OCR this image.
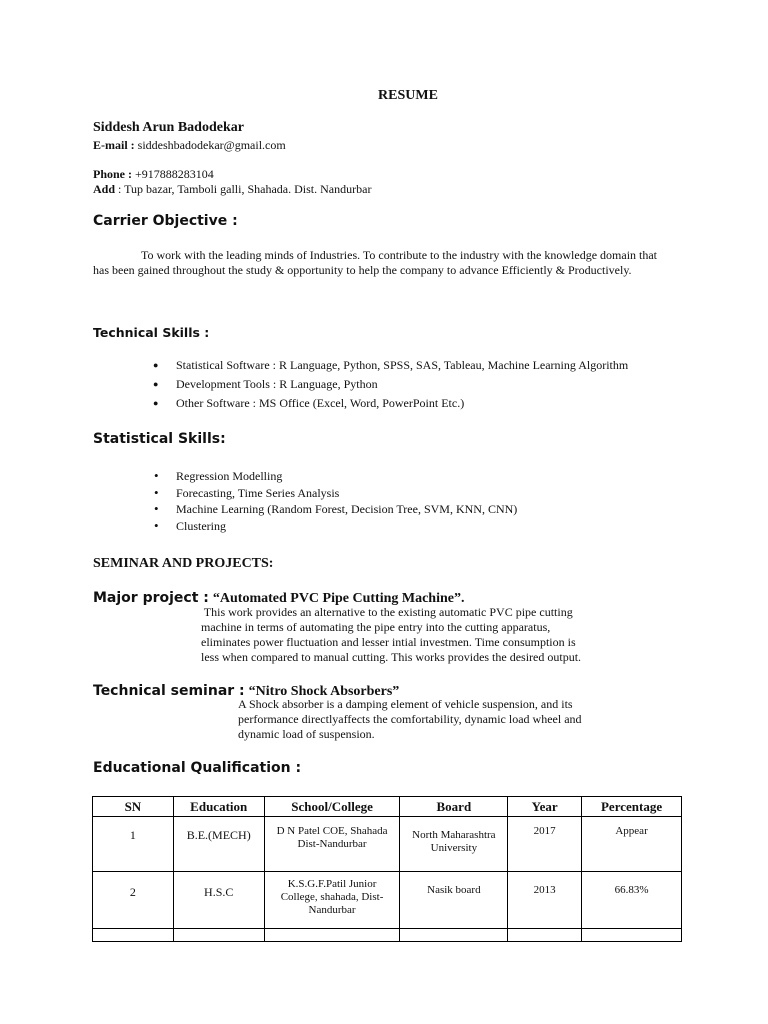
RESUME
Siddesh Arun Badodekar
E-mail : siddeshbadodekar@gmail.com
Phone : +917888283104
Add : Tup bazar, Tamboli galli, Shahada. Dist. Nandurbar
Carrier Objective :
To work with the leading minds of Industries. To contribute to the industry with the knowledge domain that has been gained throughout the study & opportunity to help the company to advance Efficiently & Productively.
Technical Skills :
● Statistical Software : R Language, Python, SPSS, SAS, Tableau, Machine Learning Algorithm
● Development Tools : R Language, Python
● Other Software : MS Office (Excel, Word, PowerPoint Etc.)
Statistical Skills:
• Regression Modelling
• Forecasting, Time Series Analysis
• Machine Learning (Random Forest, Decision Tree, SVM, KNN, CNN)
• Clustering
SEMINAR AND PROJECTS:
Major project : “Automated PVC Pipe Cutting Machine”.
This work provides an alternative to the existing automatic PVC pipe cutting
machine in terms of automating the pipe entry into the cutting apparatus,
eliminates power fluctuation and lesser intial investmen. Time consumption is
less when compared to manual cutting. This works provides the desired output.
Technical seminar : “Nitro Shock Absorbers”
A Shock absorber is a damping element of vehicle suspension, and its
performance directlyaffects the comfortability, dynamic load wheel and
dynamic load of suspension.
Educational Qualification :
SN	Education	School/College	Board	Year	Percentage
1	B.E.(MECH)	D N Patel COE, Shahada Dist-Nandurbar	North Maharashtra University	2017	Appear
2	H.S.C	K.S.G.F.Patil Junior College, shahada, Dist-Nandurbar	Nasik board	2013	66.83%
